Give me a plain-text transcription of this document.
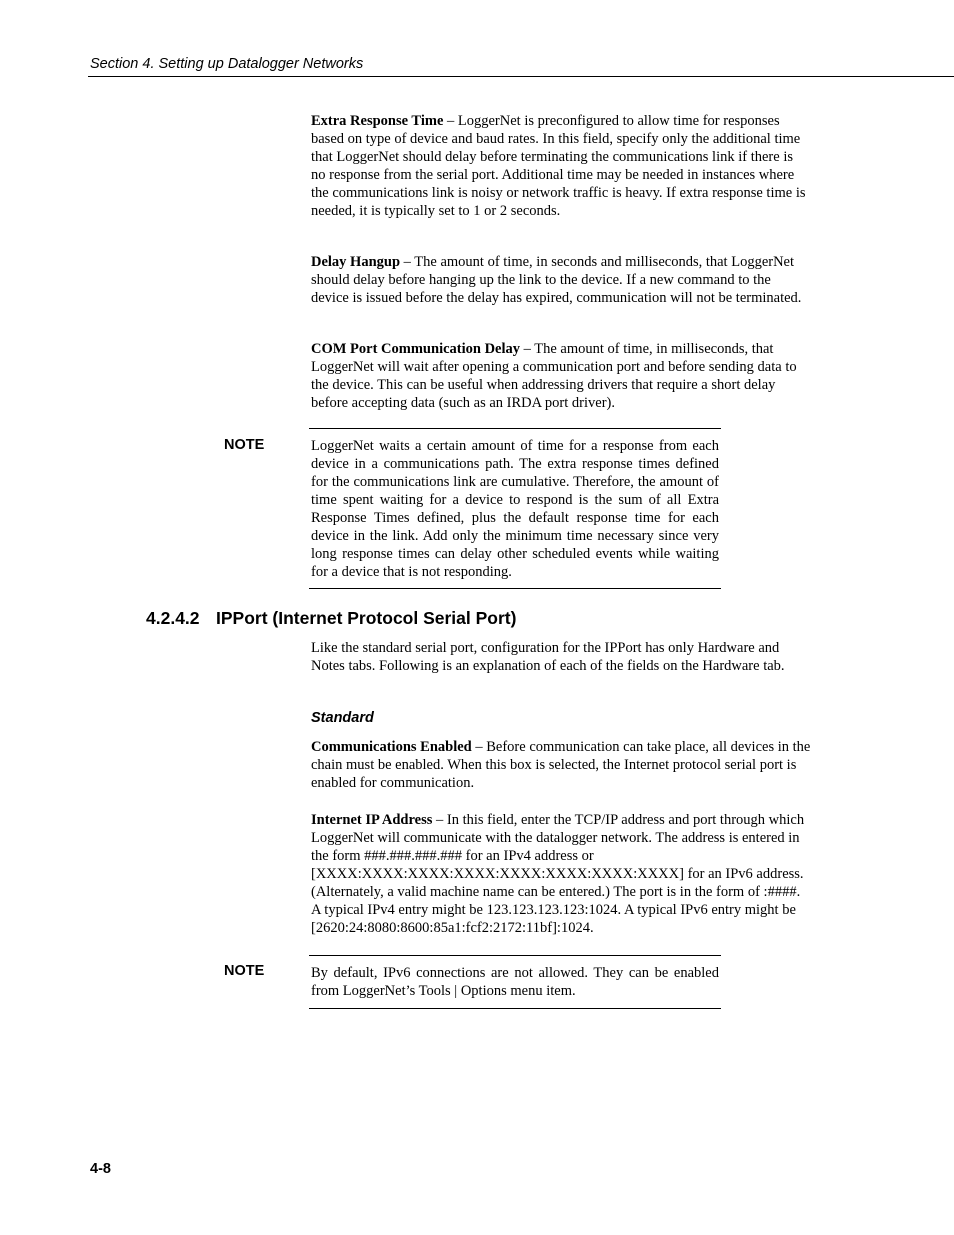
Section 4. Setting up Datalogger Networks
Extra Response Time – LoggerNet is preconfigured to allow time for responses based on type of device and baud rates. In this field, specify only the additional time that LoggerNet should delay before terminating the communications link if there is no response from the serial port. Additional time may be needed in instances where the communications link is noisy or network traffic is heavy. If extra response time is needed, it is typically set to 1 or 2 seconds.
Delay Hangup – The amount of time, in seconds and milliseconds, that LoggerNet should delay before hanging up the link to the device. If a new command to the device is issued before the delay has expired, communication will not be terminated.
COM Port Communication Delay – The amount of time, in milliseconds, that LoggerNet will wait after opening a communication port and before sending data to the device. This can be useful when addressing drivers that require a short delay before accepting data (such as an IRDA port driver).
NOTE	LoggerNet waits a certain amount of time for a response from each device in a communications path. The extra response times defined for the communications link are cumulative. Therefore, the amount of time spent waiting for a device to respond is the sum of all Extra Response Times defined, plus the default response time for each device in the link. Add only the minimum time necessary since very long response times can delay other scheduled events while waiting for a device that is not responding.
4.2.4.2 IPPort (Internet Protocol Serial Port)
Like the standard serial port, configuration for the IPPort has only Hardware and Notes tabs. Following is an explanation of each of the fields on the Hardware tab.
Standard
Communications Enabled – Before communication can take place, all devices in the chain must be enabled. When this box is selected, the Internet protocol serial port is enabled for communication.
Internet IP Address – In this field, enter the TCP/IP address and port through which LoggerNet will communicate with the datalogger network. The address is entered in the form ###.###.###.### for an IPv4 address or [XXXX:XXXX:XXXX:XXXX:XXXX:XXXX:XXXX:XXXX] for an IPv6 address. (Alternately, a valid machine name can be entered.) The port is in the form of :####. A typical IPv4 entry might be 123.123.123.123:1024. A typical IPv6 entry might be [2620:24:8080:8600:85a1:fcf2:2172:11bf]:1024.
NOTE	By default, IPv6 connections are not allowed. They can be enabled from LoggerNet’s Tools | Options menu item.
4-8
